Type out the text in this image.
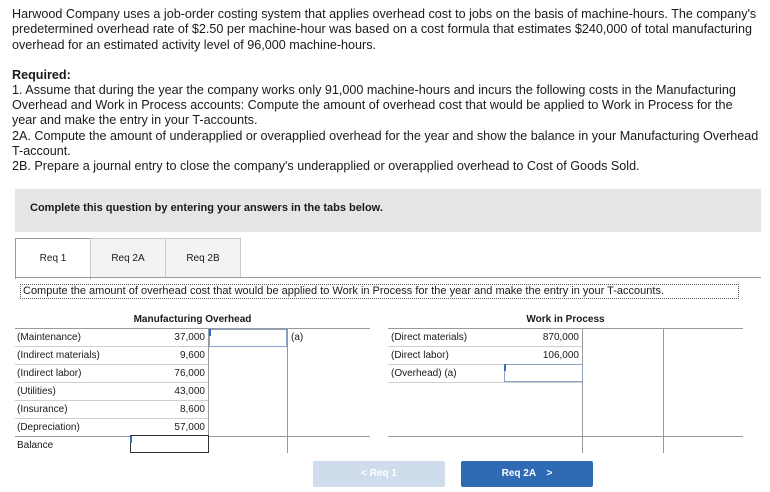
Harwood Company uses a job-order costing system that applies overhead cost to jobs on the basis of machine-hours. The company's predetermined overhead rate of $2.50 per machine-hour was based on a cost formula that estimates $240,000 of total manufacturing overhead for an estimated activity level of 96,000 machine-hours.
Required:
1. Assume that during the year the company works only 91,000 machine-hours and incurs the following costs in the Manufacturing Overhead and Work in Process accounts: Compute the amount of overhead cost that would be applied to Work in Process for the year and make the entry in your T-accounts.
2A. Compute the amount of underapplied or overapplied overhead for the year and show the balance in your Manufacturing Overhead T-account.
2B. Prepare a journal entry to close the company's underapplied or overapplied overhead to Cost of Goods Sold.
Complete this question by entering your answers in the tabs below.
Req 1	Req 2A	Req 2B
Compute the amount of overhead cost that would be applied to Work in Process for the year and make the entry in your T-accounts.
Manufacturing Overhead
(Maintenance)	37,000
(Indirect materials)	9,600
(Indirect labor)	76,000
(Utilities)	43,000
(Insurance)	8,600
(Depreciation)	57,000
Balance
(a)
Work in Process
(Direct materials)	870,000
(Direct labor)	106,000
(Overhead) (a)
< Req 1	Req 2A >
